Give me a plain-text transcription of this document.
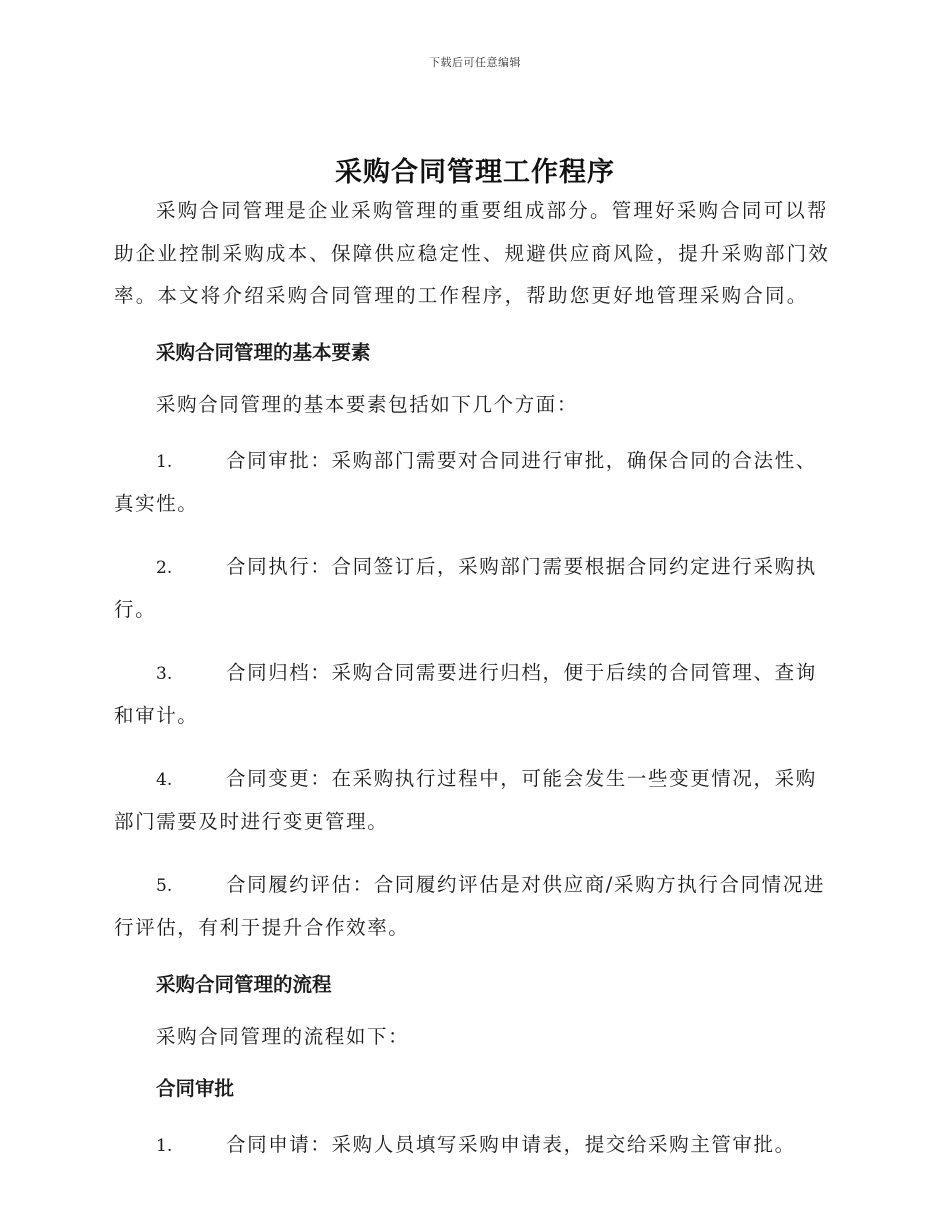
下载后可任意编辑
采购合同管理工作程序

采购合同管理是企业采购管理的重要组成部分。管理好采购合同可以帮助企业控制采购成本、保障供应稳定性、规避供应商风险，提升采购部门效率。本文将介绍采购合同管理的工作程序，帮助您更好地管理采购合同。

采购合同管理的基本要素

采购合同管理的基本要素包括如下几个方面：

1.	合同审批：采购部门需要对合同进行审批，确保合同的合法性、真实性。

2.	合同执行：合同签订后，采购部门需要根据合同约定进行采购执行。

3.	合同归档：采购合同需要进行归档，便于后续的合同管理、查询和审计。

4.	合同变更：在采购执行过程中，可能会发生一些变更情况，采购部门需要及时进行变更管理。

5.	合同履约评估：合同履约评估是对供应商/采购方执行合同情况进行评估，有利于提升合作效率。

采购合同管理的流程

采购合同管理的流程如下：

合同审批

1.	合同申请：采购人员填写采购申请表，提交给采购主管审批。
